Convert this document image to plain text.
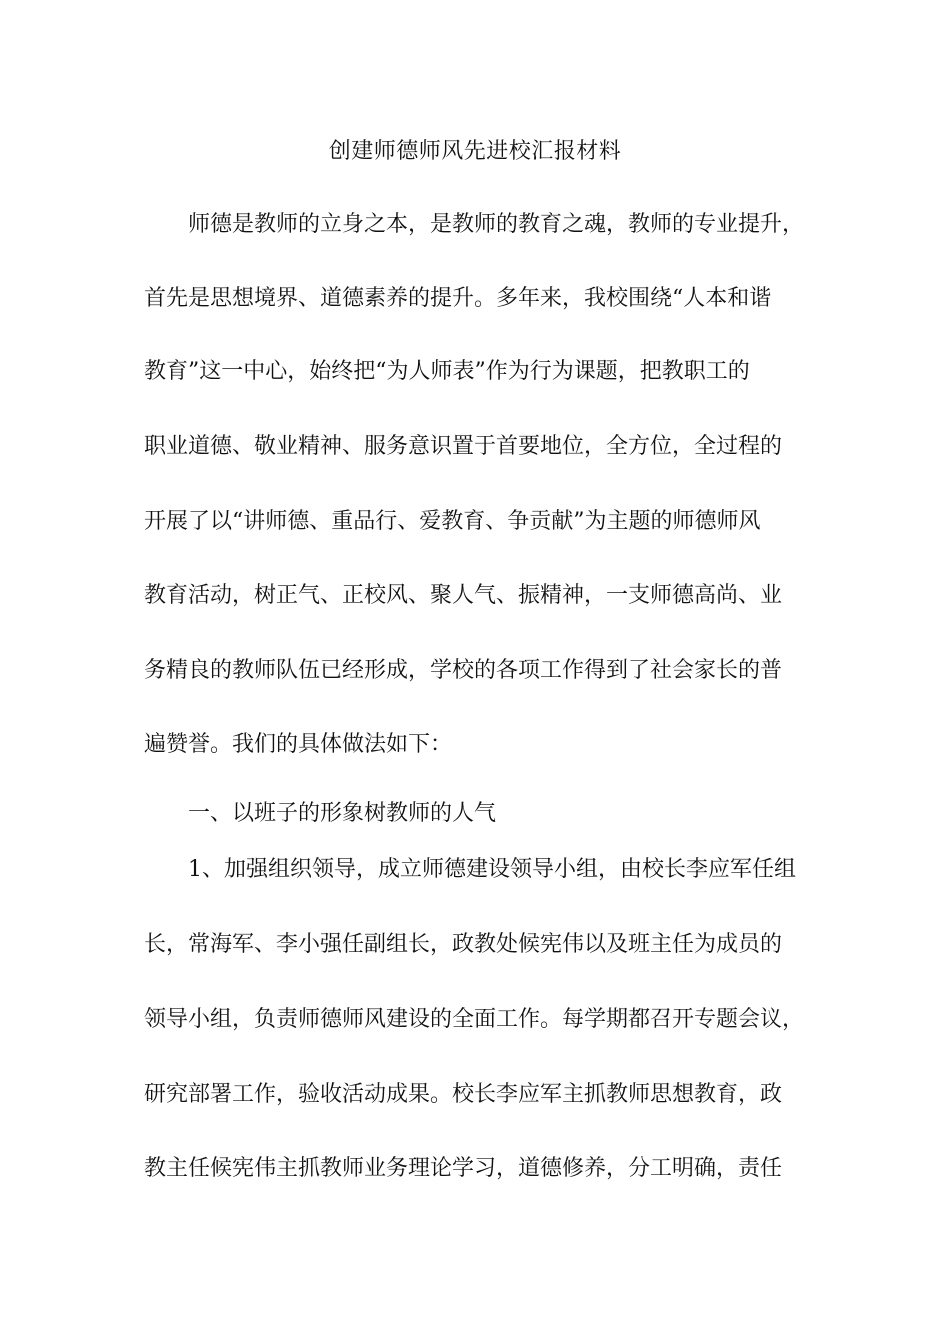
创建师德师风先进校汇报材料
师德是教师的立身之本，是教师的教育之魂，教师的专业提升，
首先是思想境界、道德素养的提升。多年来，我校围绕“人本和谐
教育”这一中心，始终把“为人师表”作为行为课题，把教职工的
职业道德、敬业精神、服务意识置于首要地位，全方位，全过程的
开展了以“讲师德、重品行、爱教育、争贡献”为主题的师德师风
教育活动，树正气、正校风、聚人气、振精神，一支师德高尚、业
务精良的教师队伍已经形成，学校的各项工作得到了社会家长的普
遍赞誉。我们的具体做法如下：
一、以班子的形象树教师的人气
1、加强组织领导，成立师德建设领导小组，由校长李应军任组
长，常海军、李小强任副组长，政教处候宪伟以及班主任为成员的
领导小组，负责师德师风建设的全面工作。每学期都召开专题会议，
研究部署工作，验收活动成果。校长李应军主抓教师思想教育，政
教主任候宪伟主抓教师业务理论学习，道德修养，分工明确，责任
